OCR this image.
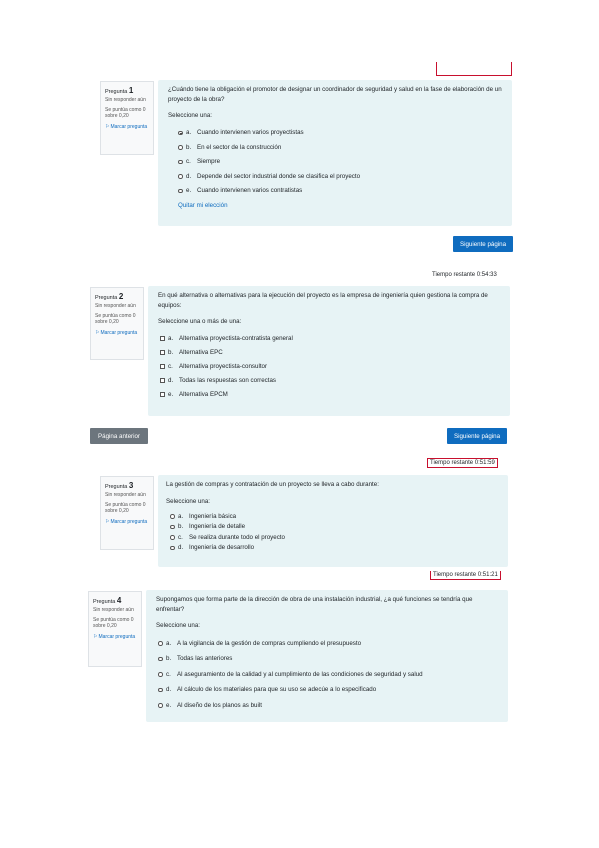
Pregunta 1
Sin responder aún
Se puntúa como 0 sobre 0,20
⚐Marcar pregunta
¿Cuándo tiene la obligación el promotor de designar un coordinador de seguridad y salud en la fase de elaboración de un proyecto de la obra?
Seleccione una:
a. Cuando intervienen varios proyectistas
b. En el sector de la construcción
c. Siempre
d. Depende del sector industrial donde se clasifica el proyecto
e. Cuando intervienen varios contratistas
Quitar mi elección
Siguiente página
Tiempo restante 0:54:33
Pregunta 2
Sin responder aún
Se puntúa como 0 sobre 0,20
⚐Marcar pregunta
En qué alternativa o alternativas para la ejecución del proyecto es la empresa de ingeniería quien gestiona la compra de equipos:
Seleccione una o más de una:
a. Alternativa proyectista-contratista general
b. Alternativa EPC
c. Alternativa proyectista-consultor
d. Todas las respuestas son correctas
e. Alternativa EPCM
Página anterior	Siguiente página
Tiempo restante 0:51:59
Pregunta 3
Sin responder aún
Se puntúa como 0 sobre 0,20
⚐Marcar pregunta
La gestión de compras y contratación de un proyecto se lleva a cabo durante:
Seleccione una:
a. Ingeniería básica
b. Ingeniería de detalle
c. Se realiza durante todo el proyecto
d. Ingeniería de desarrollo
Tiempo restante 0:51:21
Pregunta 4
Sin responder aún
Se puntúa como 0 sobre 0,20
⚐Marcar pregunta
Supongamos que forma parte de la dirección de obra de una instalación industrial, ¿a qué funciones se tendría que enfrentar?
Seleccione una:
a. A la vigilancia de la gestión de compras cumpliendo el presupuesto
b. Todas las anteriores
c. Al aseguramiento de la calidad y al cumplimiento de las condiciones de seguridad y salud
d. Al cálculo de los materiales para que su uso se adecúe a lo especificado
e. Al diseño de los planos as built
